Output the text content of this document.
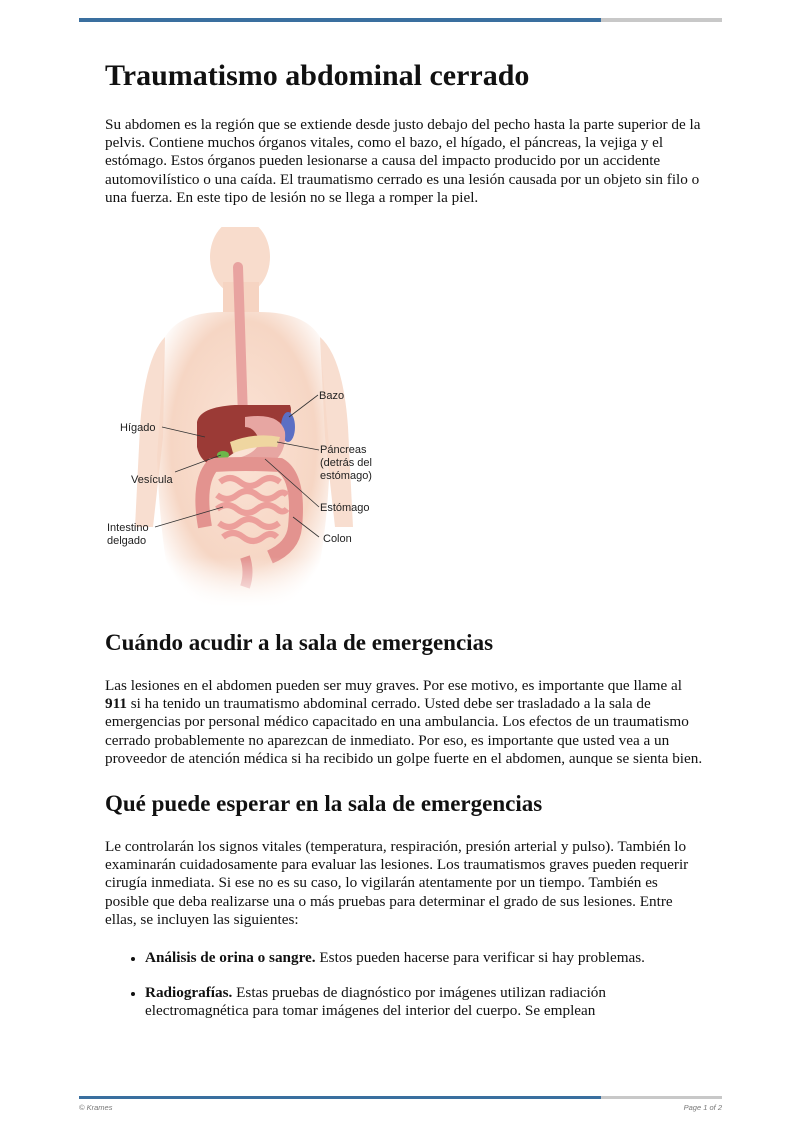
Traumatismo abdominal cerrado

Su abdomen es la región que se extiende desde justo debajo del pecho hasta la parte superior de la pelvis. Contiene muchos órganos vitales, como el bazo, el hígado, el páncreas, la vejiga y el estómago. Estos órganos pueden lesionarse a causa del impacto producido por un accidente automovilístico o una caída. El traumatismo cerrado es una lesión causada por un objeto sin filo o una fuerza. En este tipo de lesión no se llega a romper la piel.

Bazo
Hígado
Páncreas
(detrás del
estómago)
Vesícula
Estómago
Intestino
delgado	Colon
Cuándo acudir a la sala de emergencias

Las lesiones en el abdomen pueden ser muy graves. Por ese motivo, es importante que llame al 911 si ha tenido un traumatismo abdominal cerrado. Usted debe ser trasladado a la sala de emergencias por personal médico capacitado en una ambulancia. Los efectos de un traumatismo cerrado probablemente no aparezcan de inmediato. Por eso, es importante que usted vea a un proveedor de atención médica si ha recibido un golpe fuerte en el abdomen, aunque se sienta bien.

Qué puede esperar en la sala de emergencias

Le controlarán los signos vitales (temperatura, respiración, presión arterial y pulso). También lo examinarán cuidadosamente para evaluar las lesiones. Los traumatismos graves pueden requerir cirugía inmediata. Si ese no es su caso, lo vigilarán atentamente por un tiempo. También es posible que deba realizarse una o más pruebas para determinar el grado de sus lesiones. Entre ellas, se incluyen las siguientes:

• Análisis de orina o sangre. Estos pueden hacerse para verificar si hay problemas.
• Radiografías. Estas pruebas de diagnóstico por imágenes utilizan radiación electromagnética para tomar imágenes del interior del cuerpo. Se emplean
© Krames	Page 1 of 2
